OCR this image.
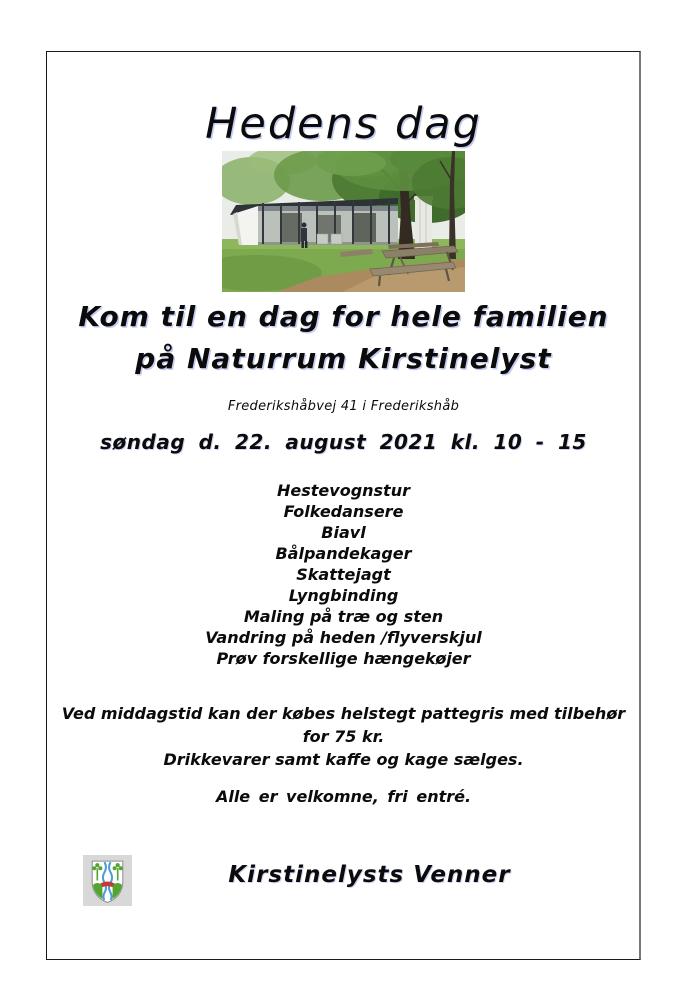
Hedens dag
Kom til en dag for hele familien
på Naturrum Kirstinelyst
Frederikshåbvej 41 i Frederikshåb
søndag d. 22. august 2021 kl. 10 - 15
Hestevognstur
Folkedansere
Biavl
Bålpandekager
Skattejagt
Lyngbinding
Maling på træ og sten
Vandring på heden /flyverskjul
Prøv forskellige hængekøjer
Ved middagstid kan der købes helstegt pattegris med tilbehør
for 75 kr.
Drikkevarer samt kaffe og kage sælges.
Alle er velkomne, fri entré.
Kirstinelysts Venner
